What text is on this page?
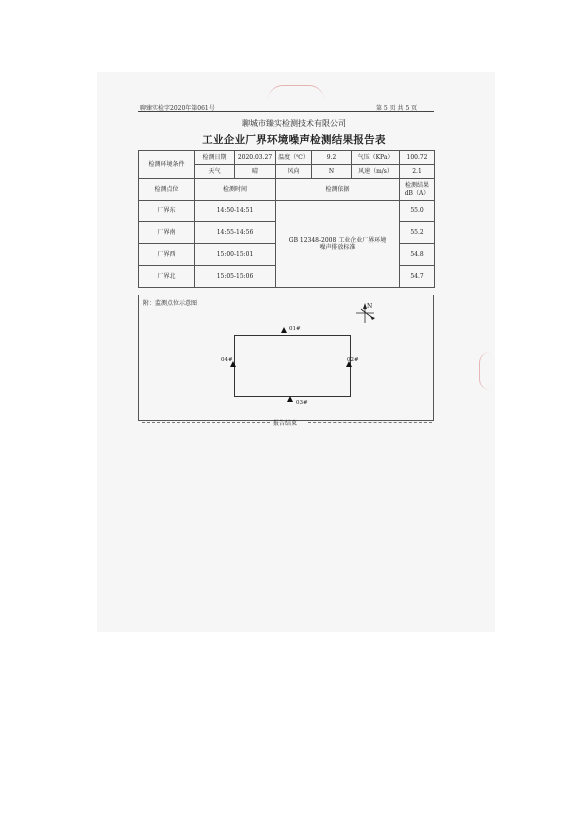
聊臻实检字2020年第061号	第 5 页 共 5 页
聊城市臻实检测技术有限公司
工业企业厂界环境噪声检测结果报告表
检测环境条件	检测日期	2020.03.27	温度（℃）	9.2	气压（KPa）	100.72
	天气	晴	风向	N	风速（m/s）	2.1
检测点位	检测时间		检测依据			检测结果
dB（A）

厂界东	14:50-14:51		GB 12348-2008 工业企业厂界环境噪声排放标准			55.0
厂界南	14:55-14:56					55.2
厂界西	15:00-15:01					54.8
厂界北	15:05-15:06					54.7
附：监测点位示意图	N
01#
02#
03#
04#
报告结束
